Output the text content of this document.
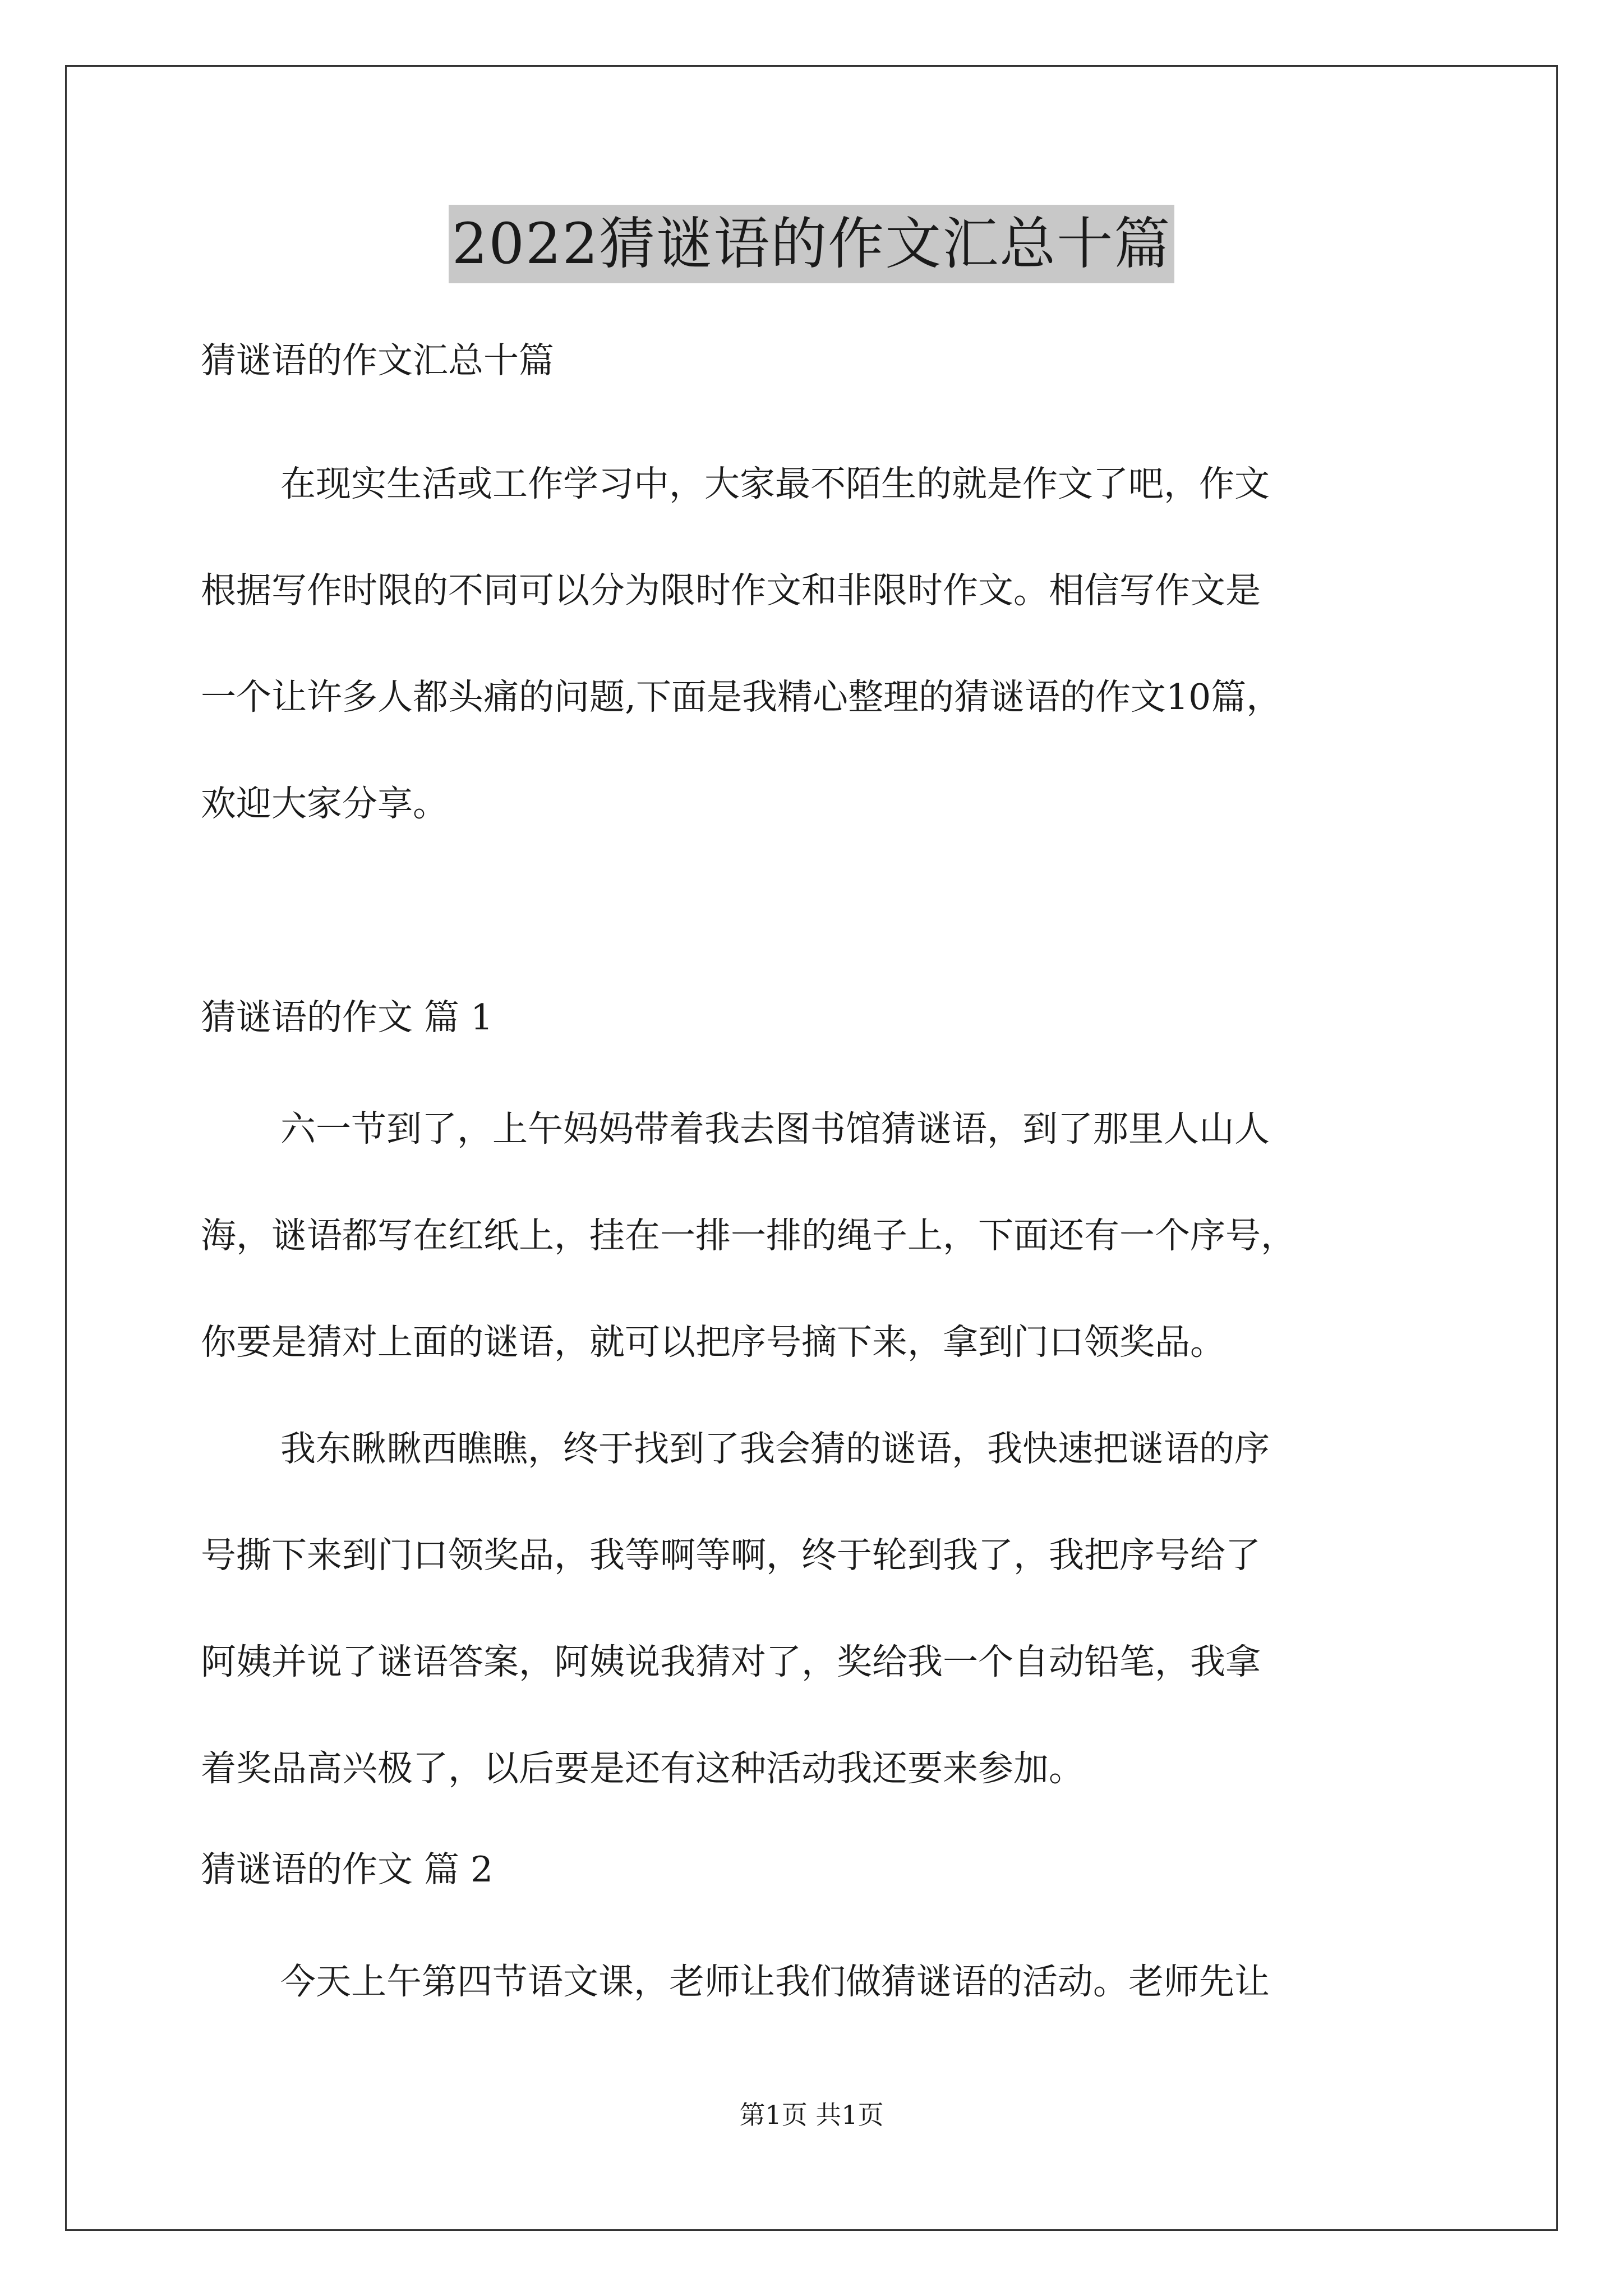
2022猜谜语的作文汇总十篇
猜谜语的作文汇总十篇
在现实生活或工作学习中，大家最不陌生的就是作文了吧，作文
根据写作时限的不同可以分为限时作文和非限时作文。相信写作文是
一个让许多人都头痛的问题,下面是我精心整理的猜谜语的作文10篇，
欢迎大家分享。
猜谜语的作文 篇 1
六一节到了，上午妈妈带着我去图书馆猜谜语，到了那里人山人
海，谜语都写在红纸上，挂在一排一排的绳子上，下面还有一个序号，
你要是猜对上面的谜语，就可以把序号摘下来，拿到门口领奖品。
我东瞅瞅西瞧瞧，终于找到了我会猜的谜语，我快速把谜语的序
号撕下来到门口领奖品，我等啊等啊，终于轮到我了，我把序号给了
阿姨并说了谜语答案，阿姨说我猜对了，奖给我一个自动铅笔，我拿
着奖品高兴极了，以后要是还有这种活动我还要来参加。
猜谜语的作文 篇 2
今天上午第四节语文课，老师让我们做猜谜语的活动。老师先让
第1页 共1页
